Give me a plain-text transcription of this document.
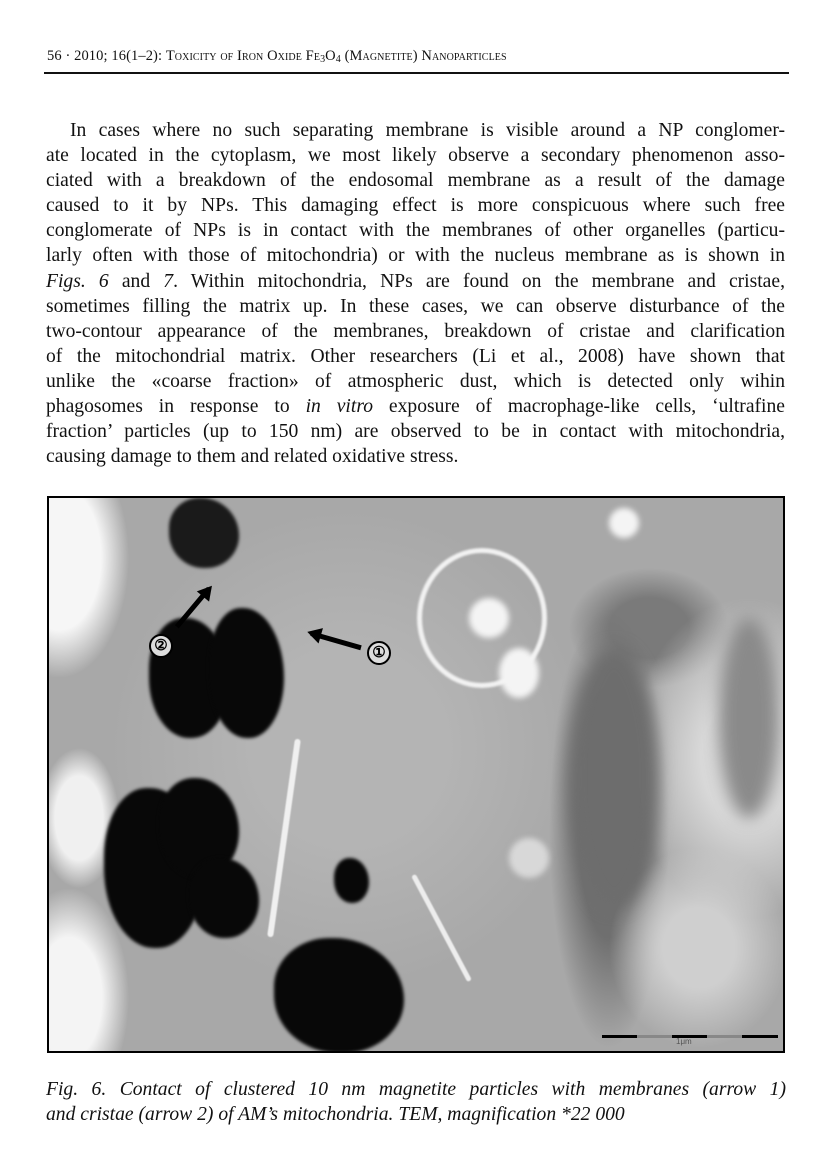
56 · 2010; 16(1–2): Toxicity of Iron Oxide $Fe_3O_4$ (Magnetite) Nanoparticles
In cases where no such separating membrane is visible around a NP conglomer-
ate located in the cytoplasm, we most likely observe a secondary phenomenon asso-
ciated with a breakdown of the endosomal membrane as a result of the damage
caused to it by NPs. This damaging effect is more conspicuous where such free
conglomerate of NPs is in contact with the membranes of other organelles (particu-
larly often with those of mitochondria) or with the nucleus membrane as is shown in
Figs. 6 and 7. Within mitochondria, NPs are found on the membrane and cristae,
sometimes filling the matrix up. In these cases, we can observe disturbance of the
two-contour appearance of the membranes, breakdown of cristae and clarification
of the mitochondrial matrix. Other researchers (Li et al., 2008) have shown that
unlike the «coarse fraction» of atmospheric dust, which is detected only wihin
phagosomes in response to in vitro exposure of macrophage-like cells, ‘ultrafine
fraction’ particles (up to 150 nm) are observed to be in contact with mitochondria,
causing damage to them and related oxidative stress.
①
②
1μm
Fig. 6. Contact of clustered 10 nm magnetite particles with membranes (arrow 1)
and cristae (arrow 2) of AM’s mitochondria. TEM, magnification *22 000
